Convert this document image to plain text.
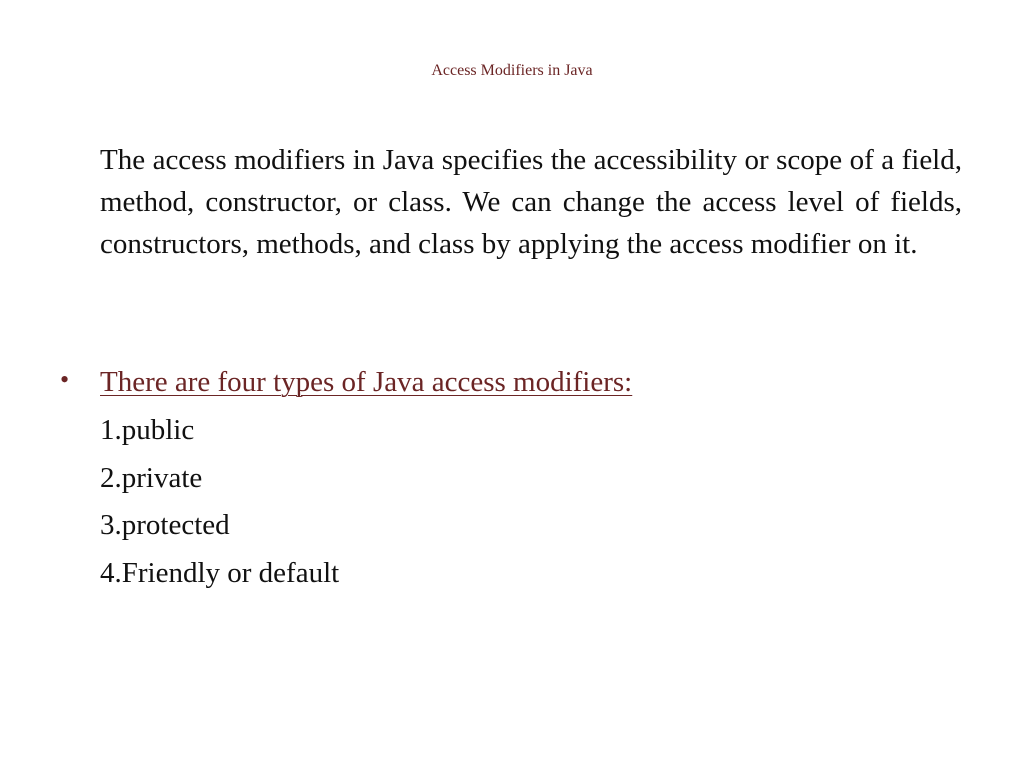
Access Modifiers in Java

The access modifiers in Java specifies the accessibility or scope of a field, method, constructor, or class. We can change the access level of fields, constructors, methods, and class by applying the access modifier on it.

• There are four types of Java access modifiers:
1.public
2.private
3.protected
4.Friendly or default
